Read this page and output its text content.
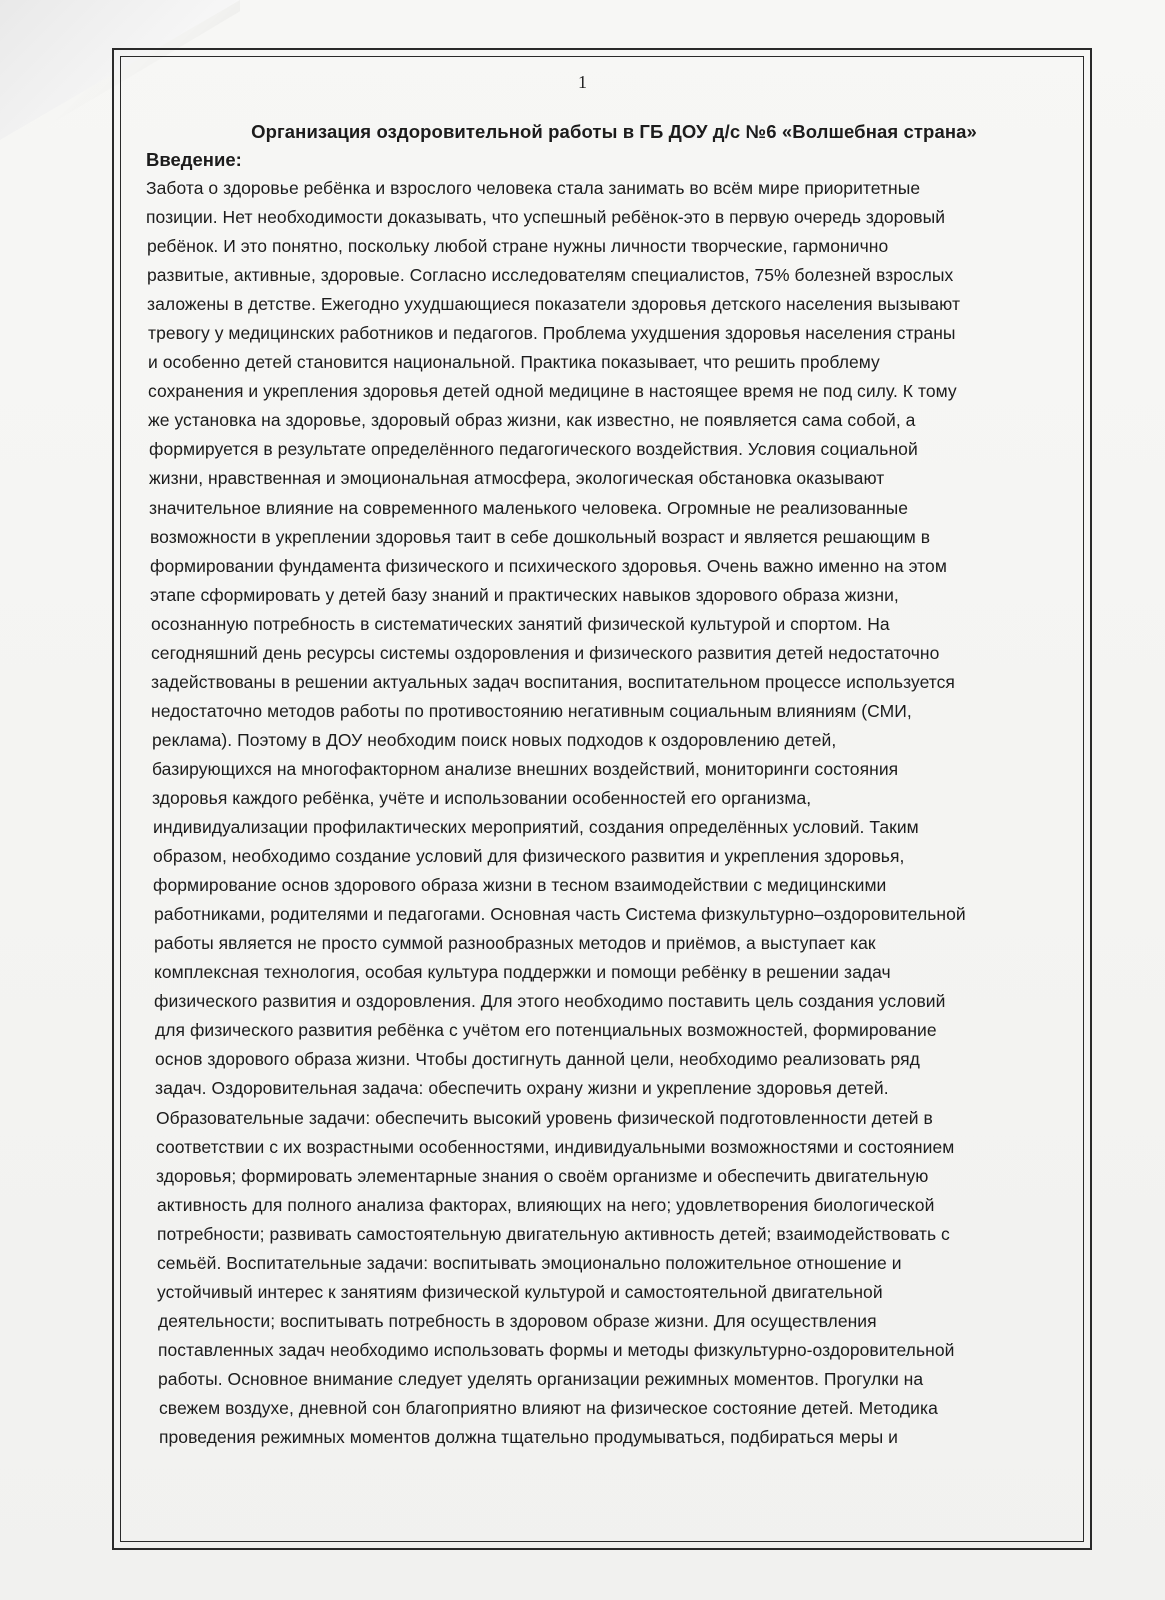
1
Организация оздоровительной работы в ГБ ДОУ д/с №6 «Волшебная страна»
Введение:

Забота о здоровье ребёнка и взрослого человека стала занимать во всём мире приоритетные

позиции. Нет необходимости доказывать, что успешный ребёнок-это в первую очередь здоровый

ребёнок. И это понятно, поскольку любой стране нужны личности творческие, гармонично

развитые, активные, здоровые. Согласно исследователям специалистов, 75% болезней взрослых

заложены в детстве. Ежегодно ухудшающиеся показатели здоровья детского населения вызывают

тревогу у медицинских работников и педагогов. Проблема ухудшения здоровья населения страны

и особенно детей становится национальной. Практика показывает, что решить проблему

сохранения и укрепления здоровья детей одной медицине в настоящее время не под силу. К тому

же установка на здоровье, здоровый образ жизни, как известно, не появляется сама собой, а

формируется в результате определённого педагогического воздействия. Условия социальной

жизни, нравственная и эмоциональная атмосфера, экологическая обстановка оказывают

значительное влияние на современного маленького человека. Огромные не реализованные

возможности в укреплении здоровья таит в себе дошкольный возраст и является решающим в

формировании фундамента физического и психического здоровья. Очень важно именно на этом

этапе сформировать у детей базу знаний и практических навыков здорового образа жизни,

осознанную потребность в систематических занятий физической культурой и спортом. На

сегодняшний день ресурсы системы оздоровления и физического развития детей недостаточно

задействованы в решении актуальных задач воспитания, воспитательном процессе используется

недостаточно методов работы по противостоянию негативным социальным влияниям (СМИ,

реклама). Поэтому в ДОУ необходим поиск новых подходов к оздоровлению детей,

базирующихся на многофакторном анализе внешних воздействий, мониторинги состояния

здоровья каждого ребёнка, учёте и использовании особенностей его организма,

индивидуализации профилактических мероприятий, создания определённых условий. Таким

образом, необходимо создание условий для физического развития и укрепления здоровья,

формирование основ здорового образа жизни в тесном взаимодействии с медицинскими

работниками, родителями и педагогами. Основная часть Система физкультурно–оздоровительной

работы является не просто суммой разнообразных методов и приёмов, а выступает как

комплексная технология, особая культура поддержки и помощи ребёнку в решении задач

физического развития и оздоровления. Для этого необходимо поставить цель создания условий

для физического развития ребёнка с учётом его потенциальных возможностей, формирование

основ здорового образа жизни. Чтобы достигнуть данной цели, необходимо реализовать ряд

задач. Оздоровительная задача: обеспечить охрану жизни и укрепление здоровья детей.

Образовательные задачи: обеспечить высокий уровень физической подготовленности детей в

соответствии с их возрастными особенностями, индивидуальными возможностями и состоянием

здоровья; формировать элементарные знания о своём организме и обеспечить двигательную

активность для полного анализа факторах, влияющих на него; удовлетворения биологической

потребности; развивать самостоятельную двигательную активность детей; взаимодействовать с

семьёй. Воспитательные задачи: воспитывать эмоционально положительное отношение и

устойчивый интерес к занятиям физической культурой и самостоятельной двигательной

деятельности; воспитывать потребность в здоровом образе жизни. Для осуществления

поставленных задач необходимо использовать формы и методы физкультурно-оздоровительной

работы. Основное внимание следует уделять организации режимных моментов. Прогулки на

свежем воздухе, дневной сон благоприятно влияют на физическое состояние детей. Методика

проведения режимных моментов должна тщательно продумываться, подбираться меры и
